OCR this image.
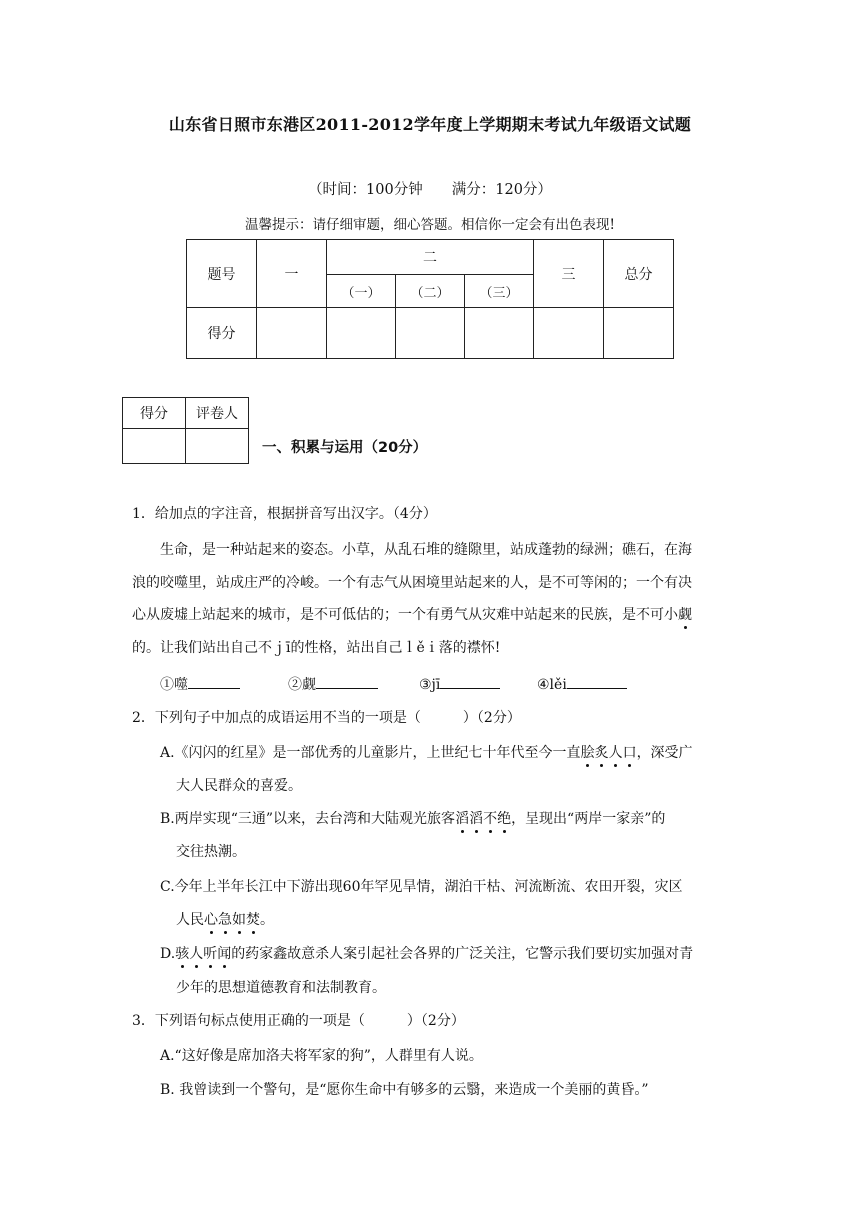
山东省日照市东港区2011-2012学年度上学期期末考试九年级语文试题
（时间：100分钟　　满分：120分）
温馨提示：请仔细审题，细心答题。相信你一定会有出色表现!
题号	一	二			三	总分
		（一）	（二）	（三）		
得分						
得分	评卷人

一、积累与运用（20分）
1．给加点的字注音，根据拼音写出汉字。（4分）
生命，是一种站起来的姿态。小草，从乱石堆的缝隙里，站成蓬勃的绿洲；礁石，在海
浪的咬噬里，站成庄严的冷峻。一个有志气从困境里站起来的人，是不可等闲的；一个有决
心从废墟上站起来的城市，是不可低估的；一个有勇气从灾难中站起来的民族，是不可小觑
的。让我们站出自己不ｊī的性格，站出自己ｌěｉ落的襟怀!
①噬	②觑	③jī	④lěi
2．下列句子中加点的成语运用不当的一项是（　　　）（2分）
A.《闪闪的红星》是一部优秀的儿童影片，上世纪七十年代至今一直脍炙人口，深受广
大人民群众的喜爱。
B.两岸实现“三通”以来，去台湾和大陆观光旅客滔滔不绝，呈现出“两岸一家亲”的
交往热潮。
C.今年上半年长江中下游出现60年罕见旱情，湖泊干枯、河流断流、农田开裂，灾区
人民心急如焚。
D.骇人听闻的药家鑫故意杀人案引起社会各界的广泛关注，它警示我们要切实加强对青
少年的思想道德教育和法制教育。
3．下列语句标点使用正确的一项是（　　　）（2分）
A.“这好像是席加洛夫将军家的狗”，人群里有人说。
B. 我曾读到一个警句，是“愿你生命中有够多的云翳，来造成一个美丽的黄昏。”
